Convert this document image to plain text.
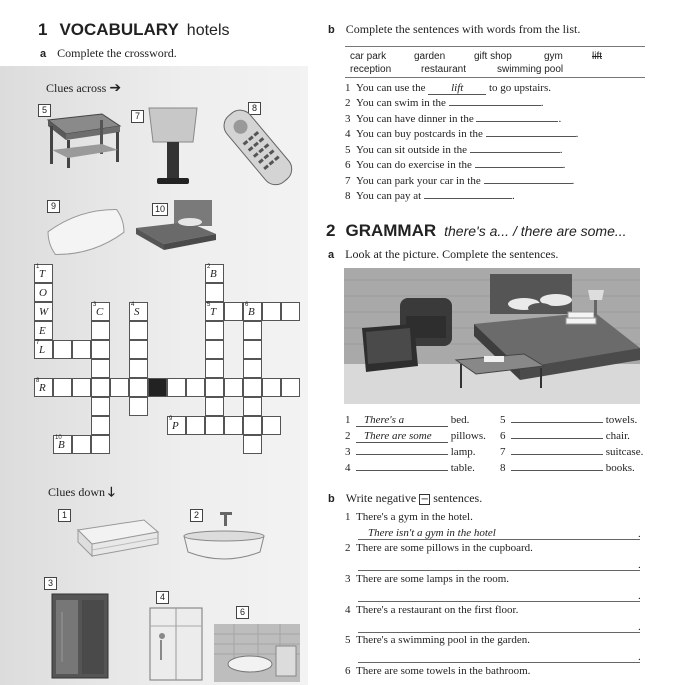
1 VOCABULARY hotels
a Complete the crossword.
Clues across ➔
5
7
8
9	10
1
T
O
W
E
7
L
3
C
4
S
8
R
2
B
5
T
6
B
9
P
10
B
Clues down 🡓
1	2
3
4
6
b Complete the sentences with words from the list.
car park	garden	gift shop	gym	lift
reception	restaurant	swimming pool
1 You can use the lift to go upstairs.
2 You can swim in the	.
3 You can have dinner in the	.
4 You can buy postcards in the	.
5 You can sit outside in the	.
6 You can do exercise in the	.
7 You can park your car in the	.
8 You can pay at	.
2 GRAMMAR there's a... / there are some...
a Look at the picture. Complete the sentences.
1 There's a	bed.
2 There are some pillows.
3	lamp.
4	table.
5	towels.
6	chair.
7	suitcase.
8	books.
b Write negative − sentences.
1 There's a gym in the hotel.
There isn't a gym in the hotel	.
2 There are some pillows in the cupboard.
.
3 There are some lamps in the room.
.
4 There's a restaurant on the first floor.
.
5 There's a swimming pool in the garden.
.
6 There are some towels in the bathroom.
